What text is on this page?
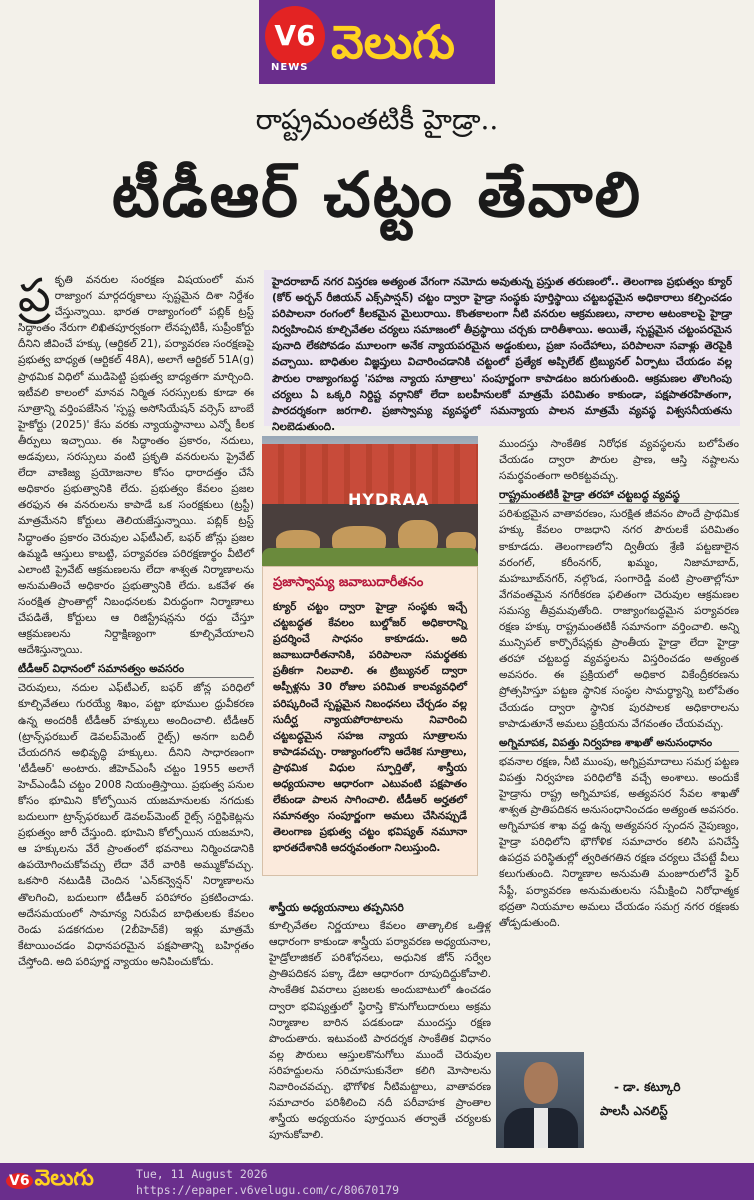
V6
NEWS వెలుగు
రాష్ట్రమంతటికీ హైడ్రా..
టీడీఆర్ చట్టం తేవాలి

ప్ర కృతి వనరుల సంరక్షణ విషయంలో మన రాజ్యాంగ మార్గదర్శకాలు స్పష్టమైన దిశా నిర్దేశం చేస్తున్నాయి. భారత రాజ్యాంగంలో పబ్లిక్ ట్రస్ట్ సిద్ధాంతం నేరుగా లిఖితపూర్వకంగా లేనప్పటికీ, సుప్రీంకోర్టు దీనిని జీవించే హక్కు (ఆర్టికల్ 21), పర్యావరణ సంరక్షణపై ప్రభుత్వ బాధ్యత (ఆర్టికల్ 48A), అలాగే ఆర్టికల్ 51A(g) ప్రాథమిక విధిలో ముడిపెట్టి ప్రభుత్వ బాధ్యతగా మార్చింది. ఇటీవలి కాలంలో మానవ నిర్మిత సరస్సులకు కూడా ఈ సూత్రాన్ని వర్తింపజేసిన 'స్పష్ట అసోసియేషన్ వర్సెస్ బాంబే హైకోర్టు (2025)' కేసు వరకు న్యాయస్థానాలు ఎన్నో కీలక తీర్పులు ఇచ్చాయి. ఈ సిద్ధాంతం ప్రకారం, నదులు, అడవులు, సరస్సులు వంటి ప్రకృతి వనరులను ప్రైవేట్ లేదా వాణిజ్య ప్రయోజనాల కోసం ధారాదత్తం చేసే అధికారం ప్రభుత్వానికి లేదు. ప్రభుత్వం కేవలం ప్రజల తరఫున ఈ వనరులను కాపాడే ఒక సంరక్షకులు (ట్రస్టీ) మాత్రమేనని కోర్టులు తెలియజేస్తున్నాయి. పబ్లిక్ ట్రస్ట్ సిద్ధాంతం ప్రకారం చెరువుల ఎఫ్‌టీఎల్, బఫర్ జోన్లు ప్రజల ఉమ్మడి ఆస్తులు కాబట్టి, పర్యావరణ పరిరక్షణార్థం వీటిలో ఎలాంటి ప్రైవేట్ ఆక్రమణలను లేదా శాశ్వత నిర్మాణాలను అనుమతించే అధికారం ప్రభుత్వానికి లేదు. ఒకవేళ ఈ సంరక్షిత ప్రాంతాల్లో నిబంధనలకు విరుద్ధంగా నిర్మాణాలు చేపడితే, కోర్టులు ఆ రిజిస్ట్రేషన్లను రద్దు చేస్తూ ఆక్రమణలను నిర్దాక్షిణ్యంగా కూల్చివేయాలని ఆదేశిస్తున్నాయి.

టీడీఆర్ విధానంలో సమానత్వం అవసరం

చెరువులు, నదుల ఎఫ్‌టీఎల్, బఫర్ జోన్ల పరిధిలో కూల్చివేతలు గురయ్యే శిఖం, పట్టా భూముల ధ్రువీకరణ ఉన్న అందరికీ టీడీఆర్ హక్కులు అందించాలి. టీడీఆర్ (ట్రాన్స్‌ఫరబుల్ డెవలప్‌మెంట్ రైట్స్) అనగా బదిలీ చేయదగిన అభివృద్ధి హక్కులు. దీనిని సాధారణంగా 'టీడీఆర్' అంటారు. జీహెచ్ఎంసీ చట్టం 1955 అలాగే హెచ్ఎండీఏ చట్టం 2008 నియంత్రిస్తాయి. ప్రభుత్వ పనుల కోసం భూమిని కోల్పోయిన యజమానులకు నగదుకు బదులుగా ట్రాన్స్‌ఫరబుల్ డెవలప్‌మెంట్ రైట్స్ సర్టిఫికెట్లను ప్రభుత్వం జారీ చేస్తుంది. భూమిని కోల్పోయిన యజమాని, ఆ హక్కులను వేరే ప్రాంతంలో భవనాలు నిర్మించడానికి ఉపయోగించుకోవచ్చు లేదా వేరే వారికి అమ్ముకోవచ్చు. ఒకసారి నటుడికి చెందిన 'ఎన్‌కన్వెన్షన్' నిర్మాణాలను తొలగించి, బదులుగా టీడీఆర్ పరిహారం ప్రకటించాడు. అదేసమయంలో సామాన్య నిరుపేద బాధితులకు కేవలం రెండు పడకగదుల (2బీహెచ్‌కే) ఇళ్లు మాత్రమే కేటాయించడం విధానపరమైన పక్షపాతాన్ని బహిర్గతం చేస్తోంది. అది పరిపూర్ణ న్యాయం అనిపించుకోదు.

హైదరాబాద్ నగర విస్తరణ అత్యంత వేగంగా నమోదు అవుతున్న ప్రస్తుత తరుణంలో.. తెలంగాణ ప్రభుత్వం క్యూర్ (కోర్ అర్బన్ రీజియన్ ఎక్స్‌పాన్షన్) చట్టం ద్వారా హైడ్రా సంస్థకు పూర్తిస్థాయి చట్టబద్ధమైన అధికారాలు కల్పించడం పరిపాలనా రంగంలో కీలకమైన మైలురాయి. కొంతకాలంగా నీటి వనరుల ఆక్రమణలు, నాలాల ఆటంకాలపై హైడ్రా నిర్వహించిన కూల్చివేతల చర్యలు సమాజంలో తీవ్రస్థాయి చర్చకు దారితీశాయి. అయితే, స్పష్టమైన చట్టంపరమైన పునాది లేకపోవడం మూలంగా అనేక న్యాయపరమైన అడ్డంకులు, ప్రజా సందేహాలు, పరిపాలనా సవాళ్లు తెరపైకి వచ్చాయి. బాధితుల విజ్ఞప్తులు విచారించడానికి చట్టంలో ప్రత్యేక అప్పిలేట్ ట్రిబ్యునల్ ఏర్పాటు చేయడం వల్ల పౌరుల రాజ్యాంగబద్ధ 'సహజ న్యాయ సూత్రాలు' సంపూర్ణంగా కాపాడటం జరుగుతుంది. ఆక్రమణల తొలగింపు చర్యలు ఏ ఒక్కరి నిర్దిష్ట వర్గానికో లేదా బలహీనులకో మాత్రమే పరిమితం కాకుండా, పక్షపాతరహితంగా, పారదర్శకంగా జరగాలి. ప్రజాస్వామ్య వ్యవస్థలో సమన్యాయ పాలన మాత్రమే వ్యవస్థ విశ్వసనీయతను నిలబెడుతుంది.
HYDRAA
ప్రజాస్వామ్య జవాబుదారీతనం
క్యూర్ చట్టం ద్వారా హైడ్రా సంస్థకు ఇచ్చే చట్టబద్ధత కేవలం బుల్డోజర్ అధికారాన్ని ప్రదర్శించే సాధనం కాకూడదు. అది జవాబుదారీతనానికి, పరిపాలనా సమర్థతకు ప్రతీకగా నిలవాలి. ఈ ట్రిబ్యునల్ ద్వారా అప్పీళ్లను 30 రోజుల పరిమిత కాలవ్యవధిలో పరిష్కరించే స్పష్టమైన నిబంధనలు చేర్చడం వల్ల సుదీర్ఘ న్యాయపోరాటాలను నివారించి చట్టబద్ధమైన సహజ న్యాయ సూత్రాలను కాపాడవచ్చు. రాజ్యాంగంలోని ఆదేశిక సూత్రాలు, ప్రాథమిక విధుల స్ఫూర్తితో, శాస్త్రీయ అధ్యయనాల ఆధారంగా ఎటువంటి పక్షపాతం లేకుండా పాలన సాగించాలి. టీడీఆర్ అర్హతలో సమానత్వం సంపూర్ణంగా అమలు చేసినప్పుడే తెలంగాణ ప్రభుత్వ చట్టం భవిష్యత్ నమూనా భారతదేశానికి ఆదర్శవంతంగా నిలుస్తుంది.
శాస్త్రీయ అధ్యయనాలు తప్పనిసరి

కూల్చివేతల నిర్ణయాలు కేవలం తాత్కాలిక ఒత్తిళ్ల ఆధారంగా కాకుండా శాస్త్రీయ పర్యావరణ అధ్యయనాల, హైడ్రోలాజికల్ పరిశోధనలు, అధునిక జోన్ సర్వేల ప్రాతిపదికన పక్కా డేటా ఆధారంగా రూపుదిద్దుకోవాలి. సాంకేతిక వివరాలు ప్రజలకు అందుబాటులో ఉంచడం ద్వారా భవిష్యత్తులో స్థిరాస్తి కొనుగోలుదారులు అక్రమ నిర్మాణాల బారిన పడకుండా ముందస్తు రక్షణ పొందుతారు. ఇటువంటి పారదర్శక సాంకేతిక విధానం వల్ల పౌరులు ఆస్తులకొనుగోలు ముందే చెరువుల సరిహద్దులను సరిచూసుకునేలా కలిగి మోసాలను నివారించవచ్చు. భౌగోళిక నీటిమట్టాలు, వాతావరణ సమాచారం పరిశీలించి నదీ పరీవాహక ప్రాంతాల శాస్త్రీయ అధ్యయనం పూర్తయిన తర్వాతే చర్యలకు పూనుకోవాలి.

ముందస్తు సాంకేతిక నిరోధక వ్యవస్థలను బలోపేతం చేయడం ద్వారా పౌరుల ప్రాణ, ఆస్తి నష్టాలను సమర్థవంతంగా అరికట్టవచ్చు.

రాష్ట్రమంతటికీ హైడ్రా తరహా చట్టబద్ధ వ్యవస్థ

పరిశుభ్రమైన వాతావరణం, సురక్షిత జీవనం పొందే ప్రాథమిక హక్కు కేవలం రాజధాని నగర పౌరులకే పరిమితం కాకూడదు. తెలంగాణలోని ద్వితీయ శ్రేణి పట్టణాలైన వరంగల్, కరీంనగర్, ఖమ్మం, నిజామాబాద్, మహబూబ్‌నగర్, నల్గొండ, సంగారెడ్డి వంటి ప్రాంతాల్లోనూ వేగవంతమైన నగరీకరణ ఫలితంగా చెరువుల ఆక్రమణల సమస్య తీవ్రమవుతోంది. రాజ్యాంగబద్ధమైన పర్యావరణ రక్షణ హక్కు రాష్ట్రమంతటికీ సమానంగా వర్తించాలి. అన్ని మున్సిపల్ కార్పొరేషన్లకు ప్రాంతీయ హైడ్రా లేదా హైడ్రా తరహా చట్టబద్ధ వ్యవస్థలను విస్తరించడం అత్యంత అవసరం. ఈ ప్రక్రియలో అధికార వికేంద్రీకరణను ప్రోత్సహిస్తూ పట్టణ స్థానిక సంస్థల సామర్థ్యాన్ని బలోపేతం చేయడం ద్వారా స్థానిక పురపాలక అధికారాలను కాపాడుతూనే అమలు ప్రక్రియను వేగవంతం చేయవచ్చు.

అగ్నిమాపక, విపత్తు నిర్వహణ శాఖతో అనుసంధానం

భవనాల రక్షణ, నీటి ముంపు, అగ్నిప్రమాదాలు సమగ్ర పట్టణ విపత్తు నిర్వహణ పరిధిలోకి వచ్చే అంశాలు. అందుకే హైడ్రాను రాష్ట్ర అగ్నిమాపక, అత్యవసర సేవల శాఖతో శాశ్వత ప్రాతిపదికన అనుసంధానించడం అత్యంత అవసరం. అగ్నిమాపక శాఖ వద్ద ఉన్న అత్యవసర స్పందన నైపుణ్యం, హైడ్రా పరిధిలోని భౌగోళిక సమాచారం కలిసి పనిచేస్తే ఉపద్రవ పరిస్థితుల్లో త్వరితగతిన రక్షణ చర్యలు చేపట్టే వీలు కలుగుతుంది. నిర్మాణాల అనుమతి మంజూరులోనే ఫైర్ సేఫ్టీ, పర్యావరణ అనుమతులను సమీక్షించి నిరోధాత్మక భద్రతా నియమాల అమలు చేయడం సమగ్ర నగర రక్షణకు తోడ్పడుతుంది.

- డా. కట్కూరి
పాలసీ ఎనలిస్ట్
V6 వెలుగు	Tue, 11 August 2026
https://epaper.v6velugu.com/c/80670179
